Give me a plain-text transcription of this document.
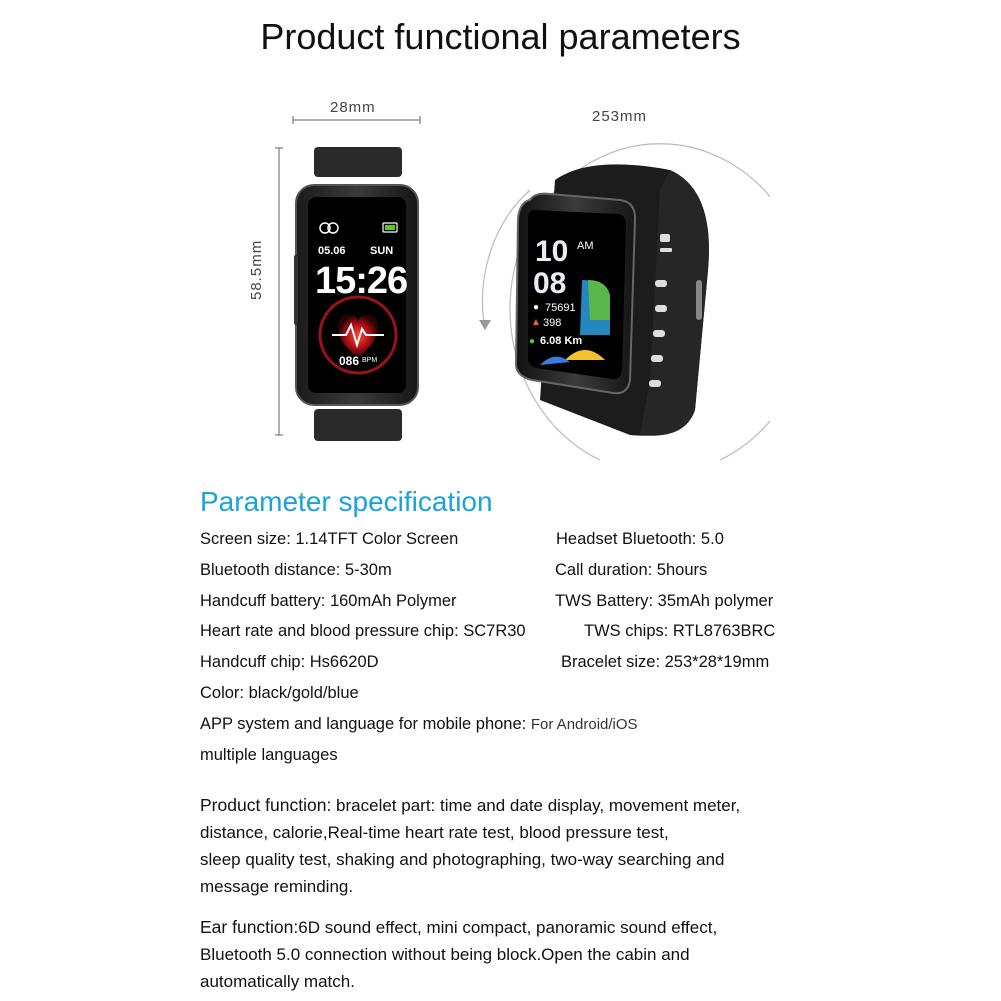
Product functional parameters
28mm
58.5mm	05.06 SUN
15:26
086 BPM
253mm
10 AM
08
● 75691
▲ 398
● 6.08 Km
Parameter specification
Screen size: 1.14TFT Color Screen
Bluetooth distance: 5-30m
Handcuff battery: 160mAh Polymer
Heart rate and blood pressure chip: SC7R30
Handcuff chip: Hs6620D
Color: black/gold/blue
Headset Bluetooth: 5.0
Call duration: 5hours
TWS Battery: 35mAh polymer
TWS chips: RTL8763BRC
Bracelet size: 253*28*19mm
APP system and language for mobile phone: For Android/iOS
multiple languages
Product function: bracelet part: time and date display, movement meter,
distance, calorie,Real-time heart rate test, blood pressure test,
sleep quality test, shaking and photographing, two-way searching and
message reminding.
Ear function:6D sound effect, mini compact, panoramic sound effect,
Bluetooth 5.0 connection without being block.Open the cabin and
automatically match.
